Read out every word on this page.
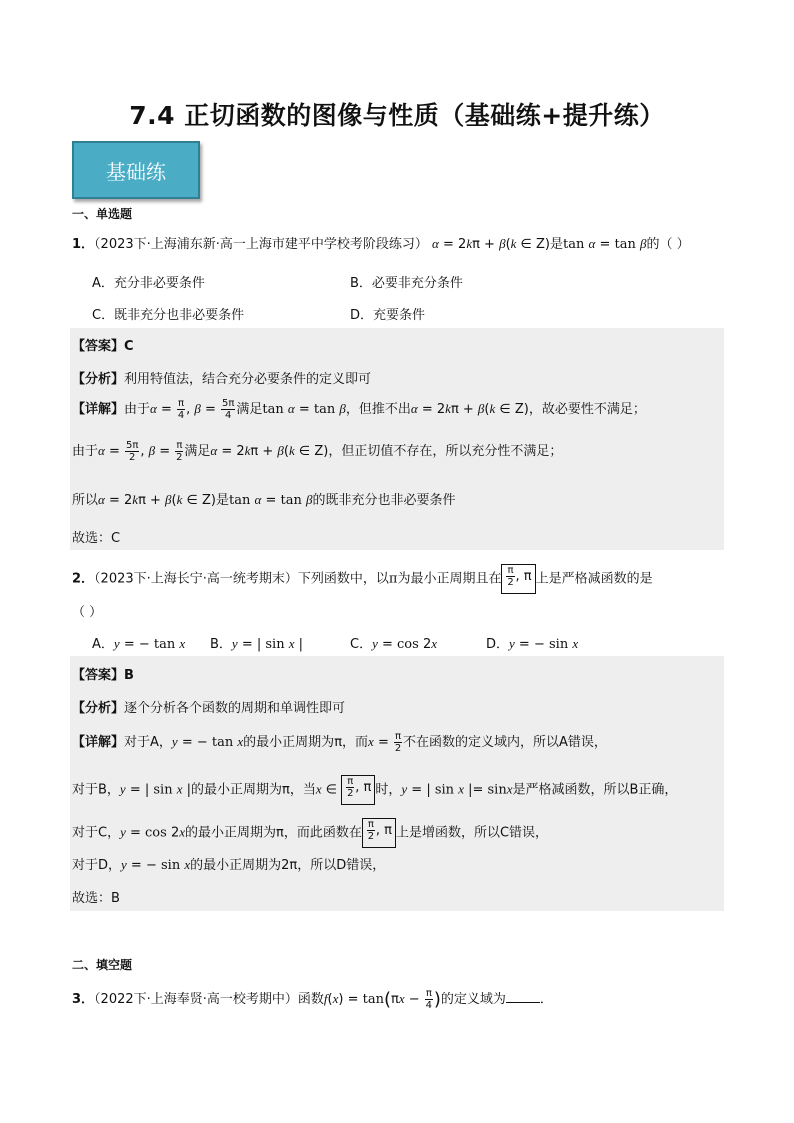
7.4 正切函数的图像与性质（基础练+提升练）
基础练
一、单选题
1．（2023下·上海浦东新·高一上海市建平中学校考阶段练习） α = 2kπ + β(k ∈ Z)是tan α = tan β的（ ）
A．充分非必要条件	B．必要非充分条件
C．既非充分也非必要条件	D．充要条件
【答案】C
【分析】利用特值法，结合充分必要条件的定义即可
【详解】由于$\alpha = \frac{\pi}{4}$ , $\beta = \frac{5\pi}{4}$ 满足tan α = tan β，但推不出α = 2kπ + β(k ∈ Z)，故必要性不满足；
由于$\alpha = \frac{5\pi}{2}$ , $\beta = \frac{\pi}{2}$ 满足α = 2kπ + β(k ∈ Z)，但正切值不存在，所以充分性不满足；
所以α = 2kπ + β(k ∈ Z)是tan α = tan β的既非充分也非必要条件
故选：C
2．（2023下·上海长宁·高一统考期末）下列函数中，以π为最小正周期且在 $\frac{\pi}{2}$ , π 上是严格减函数的是
（ ）
A．y = − tan x B．y = | sin x |	C．y = cos 2x	D．y = − sin x
【答案】B
【分析】逐个分析各个函数的周期和单调性即可
【详解】对于A，y = − tan x的最小正周期为π，而$x = \frac{\pi}{2}$ 不在函数的定义域内，所以A错误，
对于B，y = | sin x |的最小正周期为π，当x ∈ $\frac{\pi}{2}$ , π 时，y = | sin x |= sinx是严格减函数，所以B正确，
对于C，y = cos 2x的最小正周期为π，而此函数在 $\frac{\pi}{2}$ , π 上是增函数，所以C错误，
对于D，y = − sin x的最小正周期为2π，所以D错误，
故选：B
二、填空题
3．（2022下·上海奉贤·高一校考期中）函数$f(x) = \tan(\pi x - \frac{\pi}{4}$ )的定义域为	．
